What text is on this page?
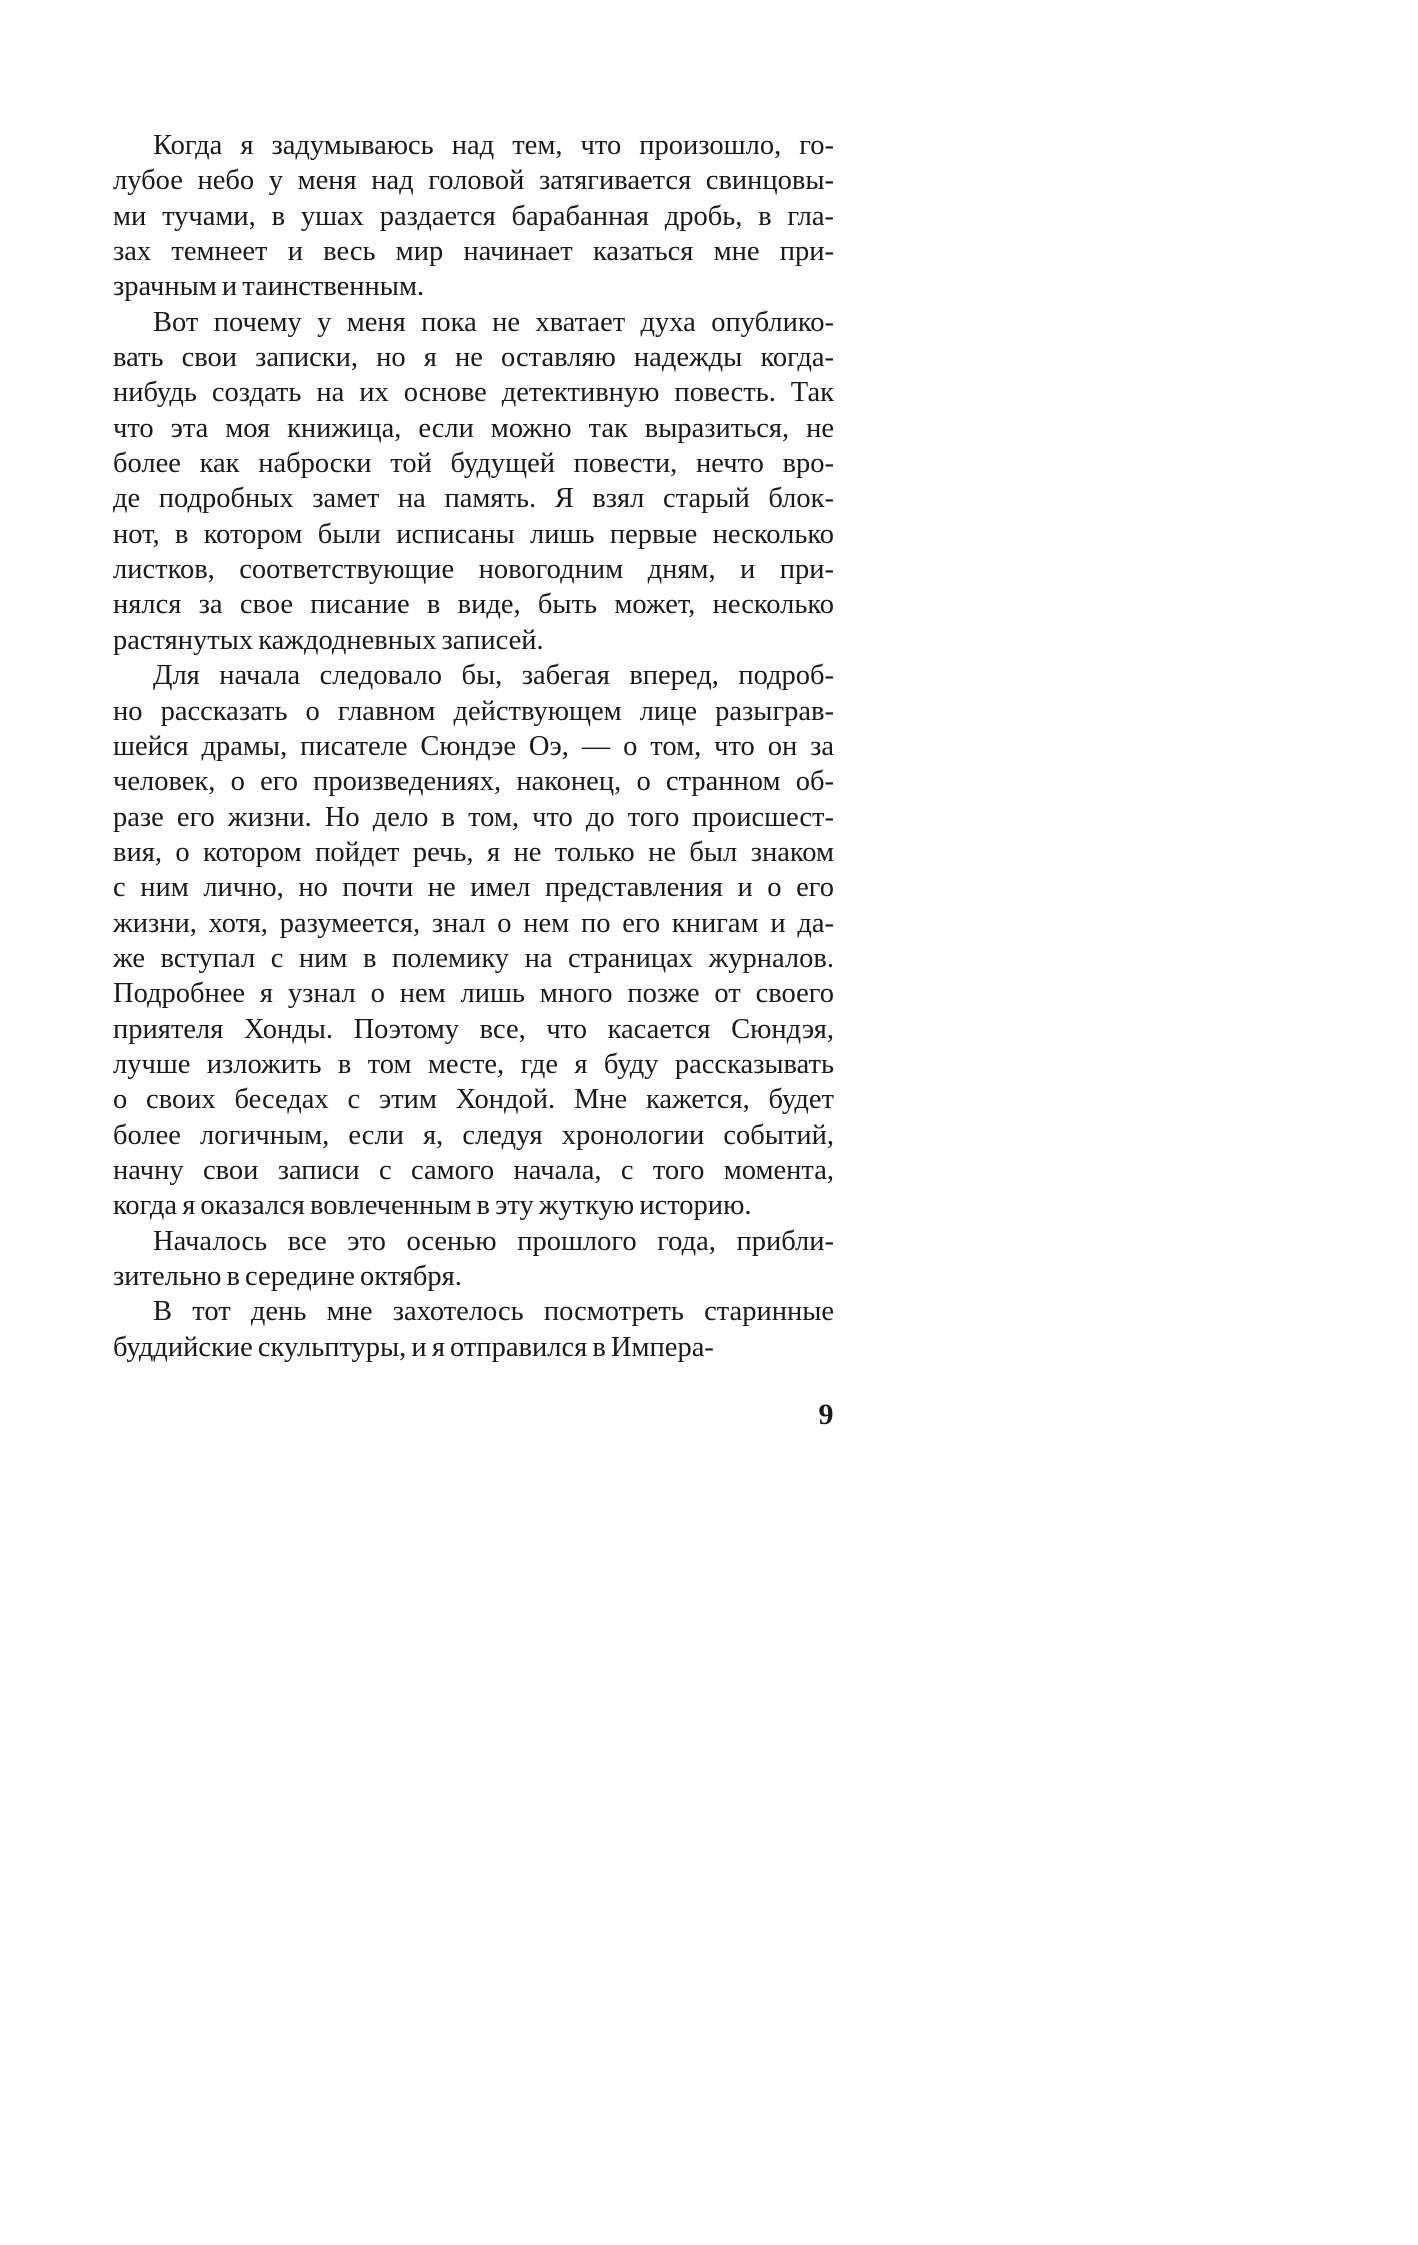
Когда я задумываюсь над тем, что произошло, го-
лубое небо у меня над головой затягивается свинцовы-
ми тучами, в ушах раздается барабанная дробь, в гла-
зах темнеет и весь мир начинает казаться мне при-
зрачным и таинственным.
Вот почему у меня пока не хватает духа опублико-
вать свои записки, но я не оставляю надежды когда-
нибудь создать на их основе детективную повесть. Так
что эта моя книжица, если можно так выразиться, не
более как наброски той будущей повести, нечто вро-
де подробных замет на память. Я взял старый блок-
нот, в котором были исписаны лишь первые несколько
листков, соответствующие новогодним дням, и при-
нялся за свое писание в виде, быть может, несколько
растянутых каждодневных записей.
Для начала следовало бы, забегая вперед, подроб-
но рассказать о главном действующем лице разыграв-
шейся драмы, писателе Сюндэе Оэ, — о том, что он за
человек, о его произведениях, наконец, о странном об-
разе его жизни. Но дело в том, что до того происшест-
вия, о котором пойдет речь, я не только не был знаком
с ним лично, но почти не имел представления и о его
жизни, хотя, разумеется, знал о нем по его книгам и да-
же вступал с ним в полемику на страницах журналов.
Подробнее я узнал о нем лишь много позже от своего
приятеля Хонды. Поэтому все, что касается Сюндэя,
лучше изложить в том месте, где я буду рассказывать
о своих беседах с этим Хондой. Мне кажется, будет
более логичным, если я, следуя хронологии событий,
начну свои записи с самого начала, с того момента,
когда я оказался вовлеченным в эту жуткую историю.
Началось все это осенью прошлого года, прибли-
зительно в середине октября.
В тот день мне захотелось посмотреть старинные
буддийские скульптуры, и я отправился в Импера-
9
